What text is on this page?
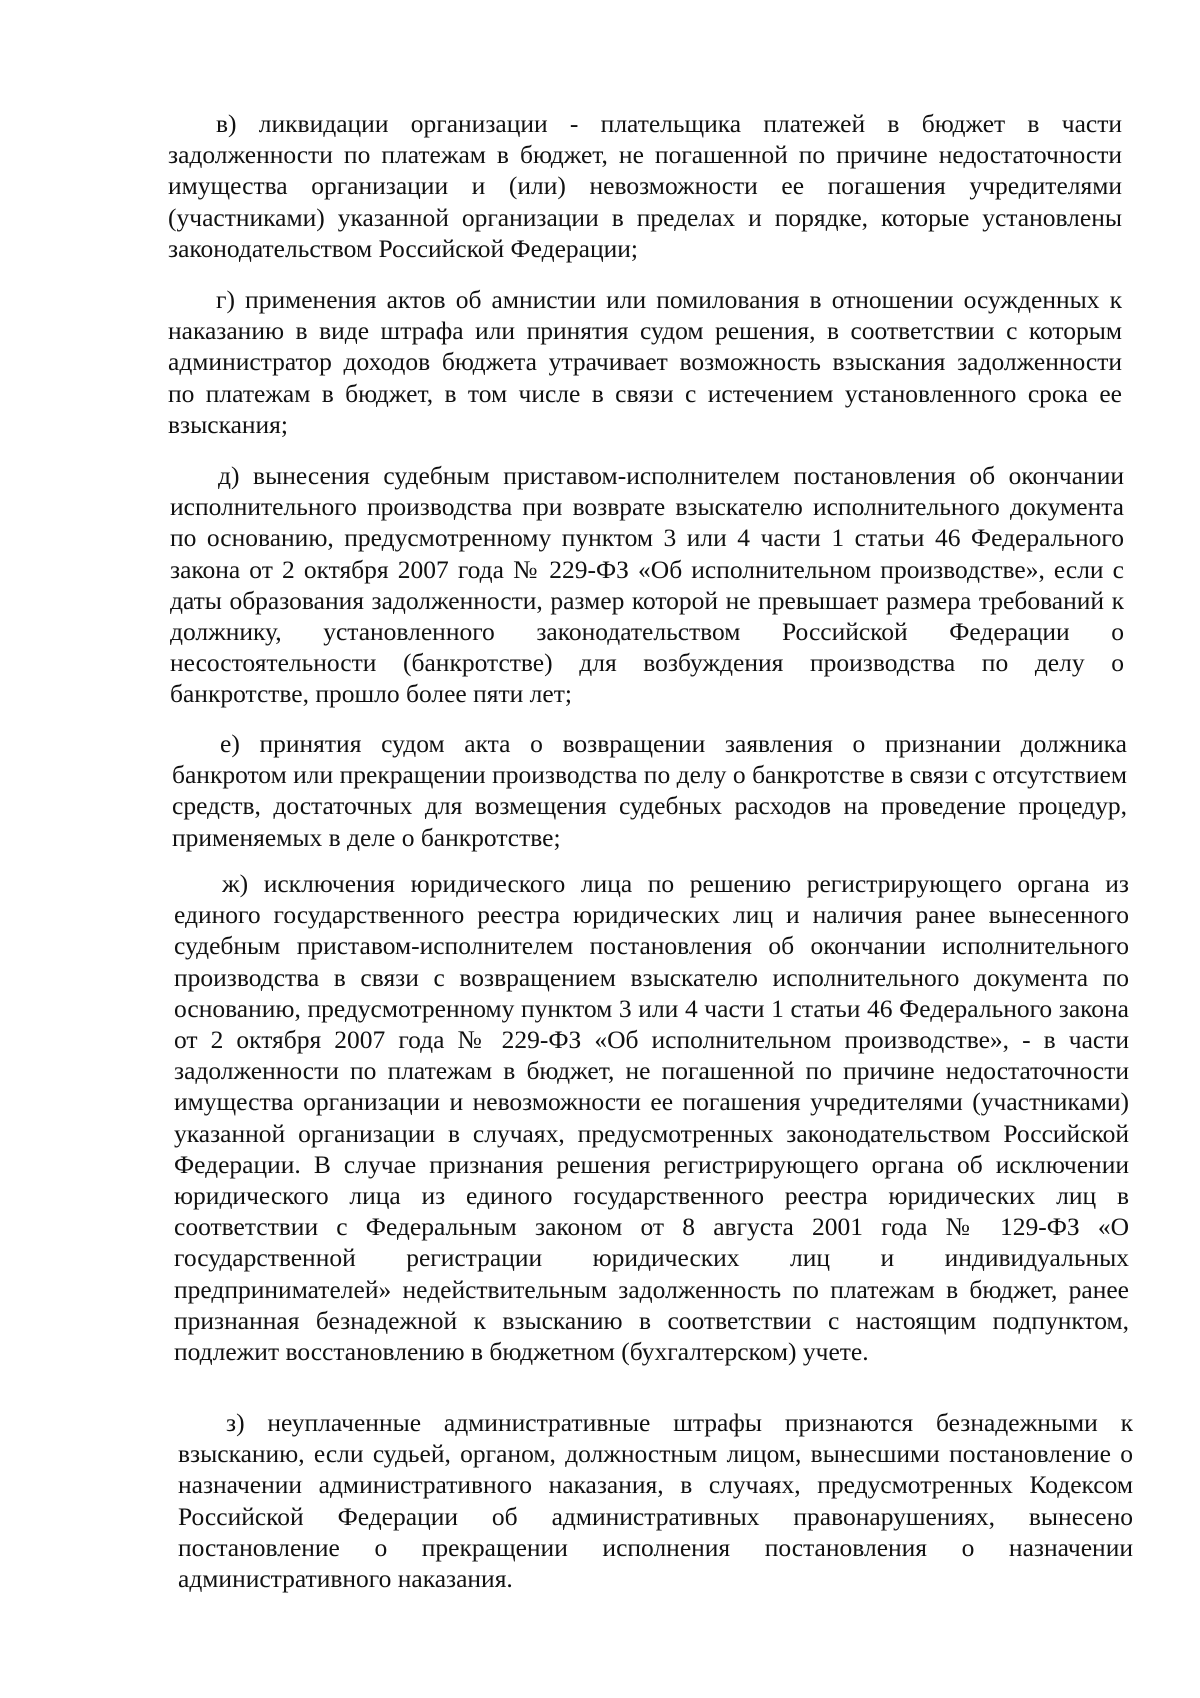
в) ликвидации организации - плательщика платежей в бюджет в части задолженности по платежам в бюджет, не погашенной по причине недостаточности имущества организации и (или) невозможности ее погашения учредителями (участниками) указанной организации в пределах и порядке, которые установлены законодательством Российской Федерации;

г) применения актов об амнистии или помилования в отношении осужденных к наказанию в виде штрафа или принятия судом решения, в соответствии с которым администратор доходов бюджета утрачивает возможность взыскания задолженности по платежам в бюджет, в том числе в связи с истечением установленного срока ее взыскания;

д) вынесения судебным приставом-исполнителем постановления об окончании исполнительного производства при возврате взыскателю исполнительного документа по основанию, предусмотренному пунктом 3 или 4 части 1 статьи 46 Федерального закона от 2 октября 2007 года № 229-ФЗ «Об исполнительном производстве», если с даты образования задолженности, размер которой не превышает размера требований к должнику, установленного законодательством Российской Федерации о несостоятельности (банкротстве) для возбуждения производства по делу о банкротстве, прошло более пяти лет;

е) принятия судом акта о возвращении заявления о признании должника банкротом или прекращении производства по делу о банкротстве в связи с отсутствием средств, достаточных для возмещения судебных расходов на проведение процедур, применяемых в деле о банкротстве;

ж) исключения юридического лица по решению регистрирующего органа из единого государственного реестра юридических лиц и наличия ранее вынесенного судебным приставом-исполнителем постановления об окончании исполнительного производства в связи с возвращением взыскателю исполнительного документа по основанию, предусмотренному пунктом 3 или 4 части 1 статьи 46 Федерального закона от 2 октября 2007 года № 229-ФЗ «Об исполнительном производстве», - в части задолженности по платежам в бюджет, не погашенной по причине недостаточности имущества организации и невозможности ее погашения учредителями (участниками) указанной организации в случаях, предусмотренных законодательством Российской Федерации. В случае признания решения регистрирующего органа об исключении юридического лица из единого государственного реестра юридических лиц в соответствии с Федеральным законом от 8 августа 2001 года № 129-ФЗ «О государственной регистрации юридических лиц и индивидуальных предпринимателей» недействительным задолженность по платежам в бюджет, ранее признанная безнадежной к взысканию в соответствии с настоящим подпунктом, подлежит восстановлению в бюджетном (бухгалтерском) учете.

з) неуплаченные административные штрафы признаются безнадежными к взысканию, если судьей, органом, должностным лицом, вынесшими постановление о назначении административного наказания, в случаях, предусмотренных Кодексом Российской Федерации об административных правонарушениях, вынесено постановление о прекращении исполнения постановления о назначении административного наказания.
